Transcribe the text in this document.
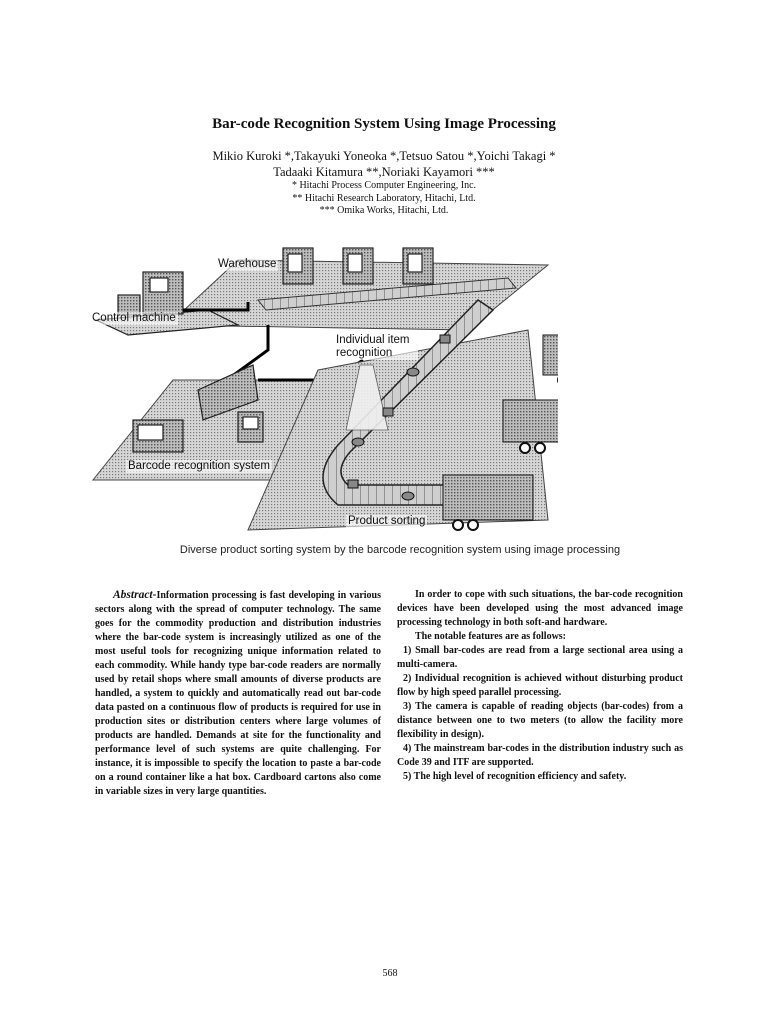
Bar-code Recognition System Using Image Processing
Mikio Kuroki *,Takayuki Yoneoka *,Tetsuo Satou *,Yoichi Takagi *
Tadaaki Kitamura **,Noriaki Kayamori ***
* Hitachi Process Computer Engineering, Inc.
** Hitachi Research Laboratory, Hitachi, Ltd.
*** Omika Works, Hitachi, Ltd.
Warehouse
Control machine
Individual item recognition
Barcode recognition system
Product sorting
Diverse product sorting system by the barcode recognition system using image processing

Abstract-Information processing is fast developing in various sectors along with the spread of computer technology. The same goes for the commodity production and distribution industries where the bar-code system is increasingly utilized as one of the most useful tools for recognizing unique information related to each commodity. While handy type bar-code readers are normally used by retail shops where small amounts of diverse products are handled, a system to quickly and automatically read out bar-code data pasted on a continuous flow of products is required for use in production sites or distribution centers where large volumes of products are handled. Demands at site for the functionality and performance level of such systems are quite challenging. For instance, it is impossible to specify the location to paste a bar-code on a round container like a hat box. Cardboard cartons also come in variable sizes in very large quantities.

In order to cope with such situations, the bar-code recognition devices have been developed using the most advanced image processing technology in both soft-and hardware.

The notable features are as follows:

1) Small bar-codes are read from a large sectional area using a multi-camera.

2) Individual recognition is achieved without disturbing product flow by high speed parallel processing.

3) The camera is capable of reading objects (bar-codes) from a distance between one to two meters (to allow the facility more flexibility in design).

4) The mainstream bar-codes in the distribution industry such as Code 39 and ITF are supported.

5) The high level of recognition efficiency and safety.

568
